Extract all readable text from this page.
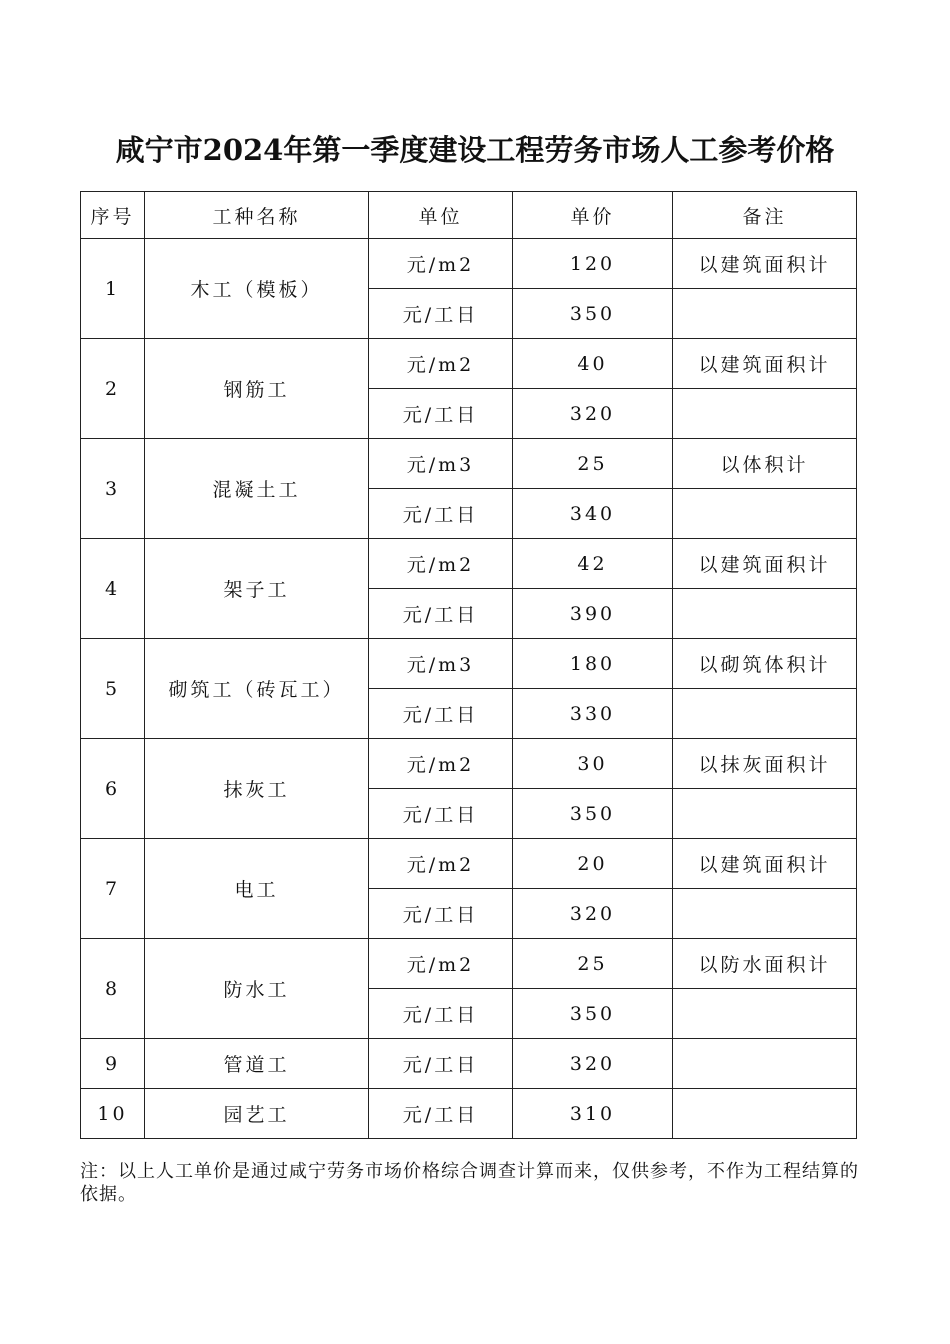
咸宁市2024年第一季度建设工程劳务市场人工参考价格
序号	工种名称	单位	单价	备注
1	木工（模板）	元/m2	120	以建筑面积计
		元/工日	350	
2	钢筋工	元/m2	40	以建筑面积计
		元/工日	320	
3	混凝土工	元/m3	25	以体积计
		元/工日	340	
4	架子工	元/m2	42	以建筑面积计
		元/工日	390	
5	砌筑工（砖瓦工）	元/m3	180	以砌筑体积计
		元/工日	330	
6	抹灰工	元/m2	30	以抹灰面积计
		元/工日	350	
7	电工	元/m2	20	以建筑面积计
		元/工日	320	
8	防水工	元/m2	25	以防水面积计
		元/工日	350	
9	管道工	元/工日	320	
10	园艺工	元/工日	310	
注：以上人工单价是通过咸宁劳务市场价格综合调查计算而来，仅供参考，不作为工程结算的依据。
